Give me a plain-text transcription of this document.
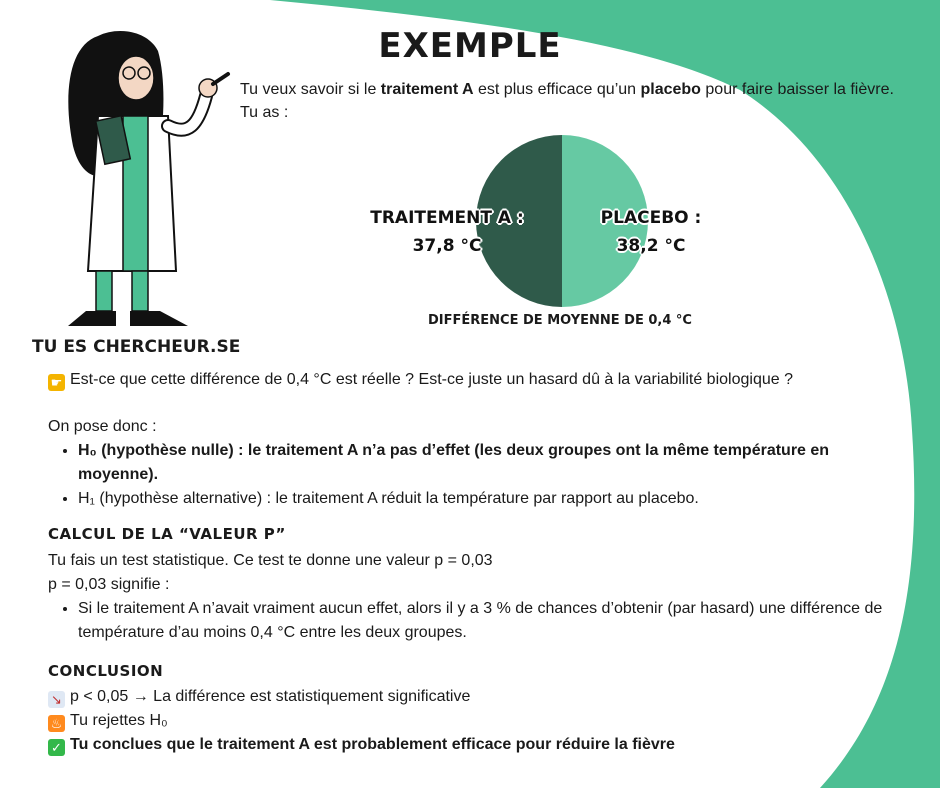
EXEMPLE
Tu veux savoir si le traitement A est plus efficace qu’un placebo pour faire baisser la fièvre.
Tu as :
TRAITEMENT A :
37,8 °C
PLACEBO :
38,2 °C
DIFFÉRENCE DE MOYENNE DE 0,4 °C
TU ES CHERCHEUR.SE
☛ Est-ce que cette différence de 0,4 °C est réelle ? Est-ce juste un hasard dû à la variabilité biologique ?
On pose donc :
• H₀ (hypothèse nulle) : le traitement A n’a pas d’effet (les deux groupes ont la même température en moyenne).
• H₁ (hypothèse alternative) : le traitement A réduit la température par rapport au placebo.
CALCUL DE LA “VALEUR P”
Tu fais un test statistique. Ce test te donne une valeur p = 0,03
p = 0,03 signifie :
• Si le traitement A n’avait vraiment aucun effet, alors il y a 3 % de chances d’obtenir (par hasard) une différence de température d’au moins 0,4 °C entre les deux groupes.
CONCLUSION
↘ p < 0,05 → La différence est statistiquement significative
♨ Tu rejettes H₀
✓ Tu conclues que le traitement A est probablement efficace pour réduire la fièvre
